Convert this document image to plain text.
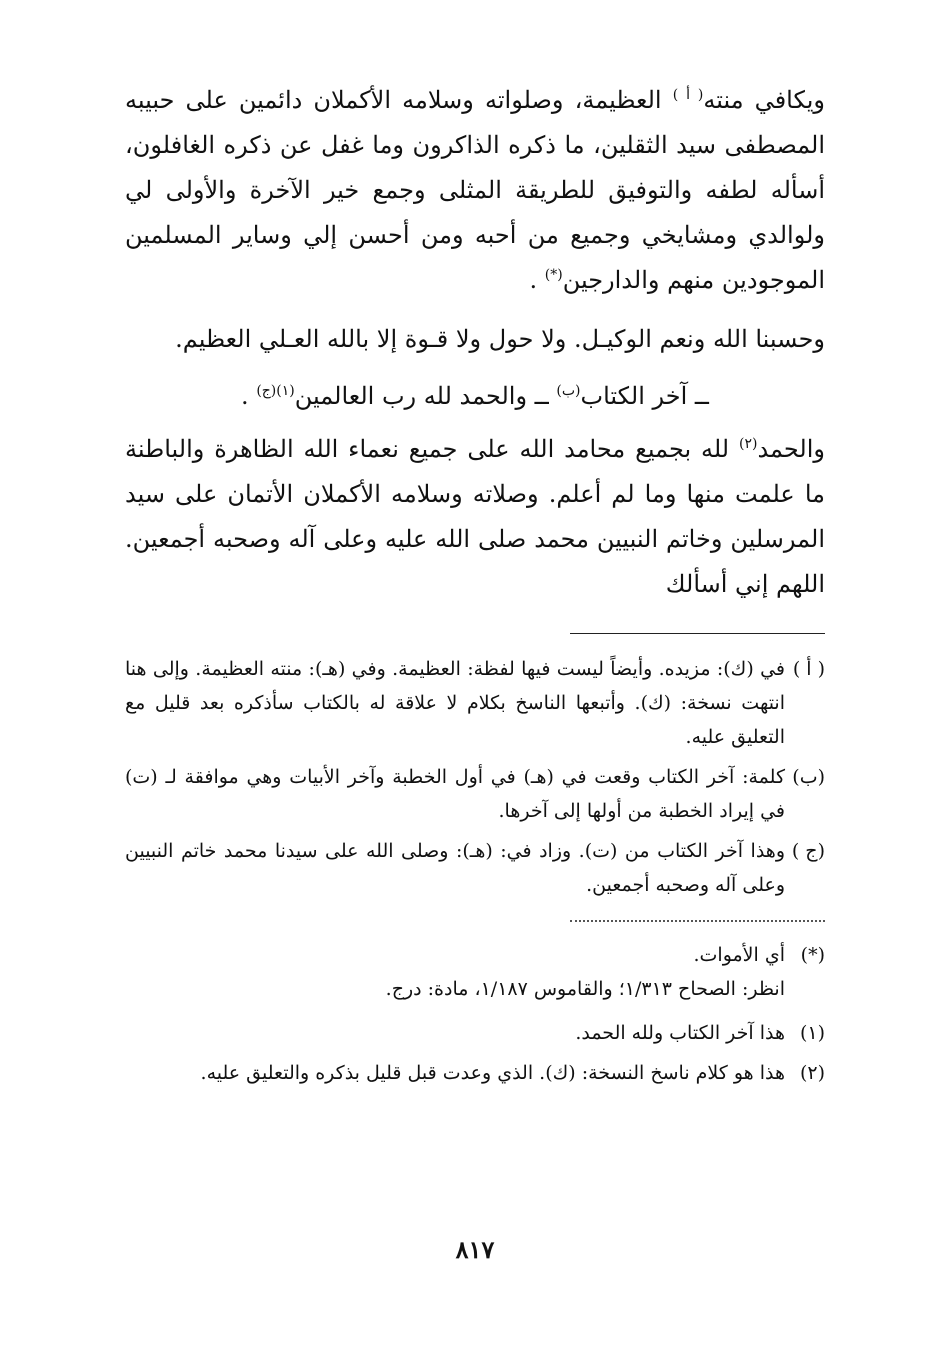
ويكافي منته$^{( أ )}$ العظيمة، وصلواته وسلامه الأكملان دائمين على حبيبه المصطفى سيد الثقلين، ما ذكره الذاكرون وما غفل عن ذكره الغافلون، أسأله لطفه والتوفيق للطريقة المثلى وجمع خير الآخرة والأولى لي ولوالدي ومشايخي وجميع من أحبه ومن أحسن إلي وساير المسلمين الموجودين منهم والدارجين(*) .

وحسبنا الله ونعم الوكيـل. ولا حول ولا قـوة إلا بالله العـلي العظيم.

ــ آخر الكتاب$^{(ب)}$ ــ والحمد لله رب العالمين$^{(١)(ج)}$ .

والحمد$^{(٢)}$ لله بجميع محامد الله على جميع نعماء الله الظاهرة والباطنة ما علمت منها وما لم أعلم. وصلاته وسلامه الأكملان الأتمان على سيد المرسلين وخاتم النبيين محمد صلى الله عليه وعلى آله وصحبه أجمعين. اللهم إني أسألك

( أ )
في (ك): مزيده. وأيضاً ليست فيها لفظة: العظيمة. وفي (هـ): منته العظيمة. وإلى هنا انتهت نسخة: (ك). وأتبعها الناسخ بكلام لا علاقة له بالكتاب سأذكره بعد قليل مع التعليق عليه.
(ب)
كلمة: آخر الكتاب وقعت في (هـ) في أول الخطبة وآخر الأبيات وهي موافقة لـ (ت) في إيراد الخطبة من أولها إلى آخرها.
(ج )
وهذا آخر الكتاب من (ت). وزاد في: (هـ): وصلى الله على سيدنا محمد خاتم النبيين وعلى آله وصحبه أجمعين.
(*)
أي الأموات.
انظر: الصحاح ١/٣١٣؛ والقاموس ١/١٨٧، مادة: درج.
(١)
هذا آخر الكتاب ولله الحمد.
(٢)
هذا هو كلام ناسخ النسخة: (ك). الذي وعدت قبل قليل بذكره والتعليق عليه.
٨١٧
